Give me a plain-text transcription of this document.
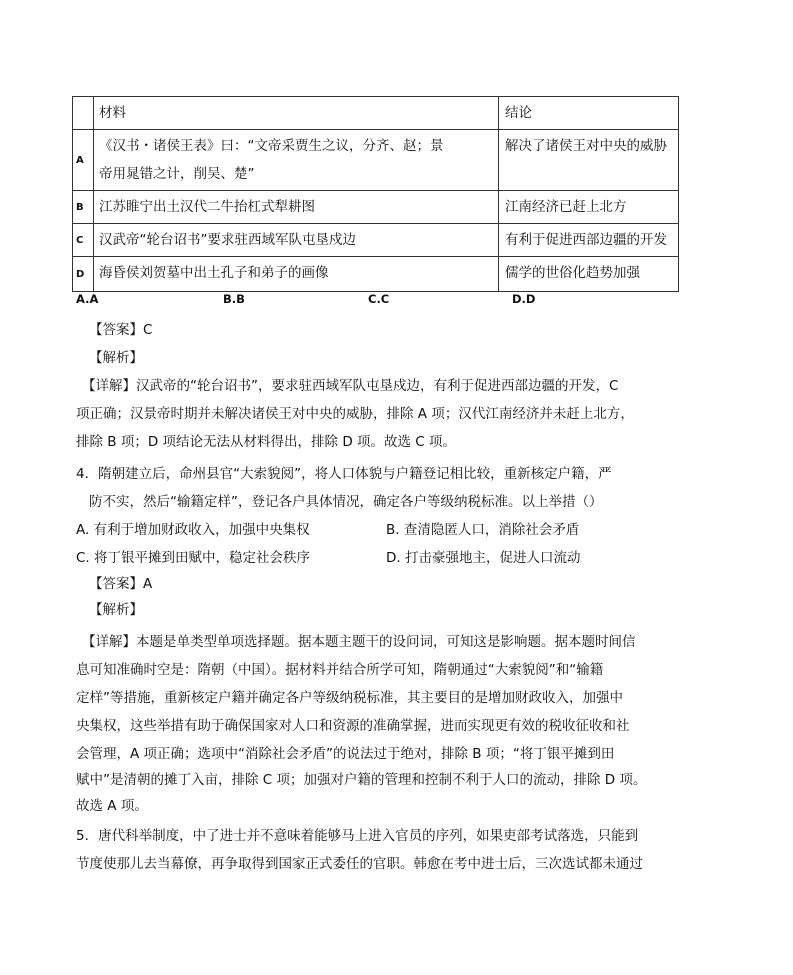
	材料	结论
A	《汉书・诸侯王表》曰：“文帝采贾生之议，分齐、赵；景
帝用晁错之计，削吴、楚”	解决了诸侯王对中央的威胁
B	江苏睢宁出土汉代二牛抬杠式犁耕图	江南经济已赶上北方
C	汉武帝“轮台诏书”要求驻西域军队屯垦戍边	有利于促进西部边疆的开发
D	海昏侯刘贺墓中出土孔子和弟子的画像	儒学的世俗化趋势加强
A.A	B.B	C.C	D.D
【答案】C
【解析】
【详解】汉武帝的“轮台诏书”，要求驻西域军队屯垦戍边，有利于促进西部边疆的开发，C
项正确；汉景帝时期并未解决诸侯王对中央的威胁，排除 A 项；汉代江南经济并未赶上北方，
排除 B 项；D 项结论无法从材料得出，排除 D 项。故选 C 项。
4．隋朝建立后，命州县官“大索貌阅”，将人口体貌与户籍登记相比较，重新核定户籍，严
防不实，然后“输籍定样”，登记各户具体情况，确定各户等级纳税标准。以上举措（）
A. 有利于增加财政收入，加强中央集权	B. 查清隐匿人口，消除社会矛盾
C. 将丁银平摊到田赋中，稳定社会秩序	D. 打击豪强地主，促进人口流动
【答案】A
【解析】
【详解】本题是单类型单项选择题。据本题主题干的设问词，可知这是影响题。据本题时间信
息可知准确时空是：隋朝（中国）。据材料并结合所学可知，隋朝通过“大索貌阅”和“输籍
定样”等措施，重新核定户籍并确定各户等级纳税标准，其主要目的是增加财政收入，加强中
央集权，这些举措有助于确保国家对人口和资源的准确掌握，进而实现更有效的税收征收和社
会管理，A 项正确；选项中“消除社会矛盾”的说法过于绝对，排除 B 项；“将丁银平摊到田
赋中”是清朝的摊丁入亩，排除 C 项；加强对户籍的管理和控制不利于人口的流动，排除 D 项。
故选 A 项。
5．唐代科举制度，中了进士并不意味着能够马上进入官员的序列，如果吏部考试落选，只能到
节度使那儿去当幕僚，再争取得到国家正式委任的官职。韩愈在考中进士后，三次选试都未通过
